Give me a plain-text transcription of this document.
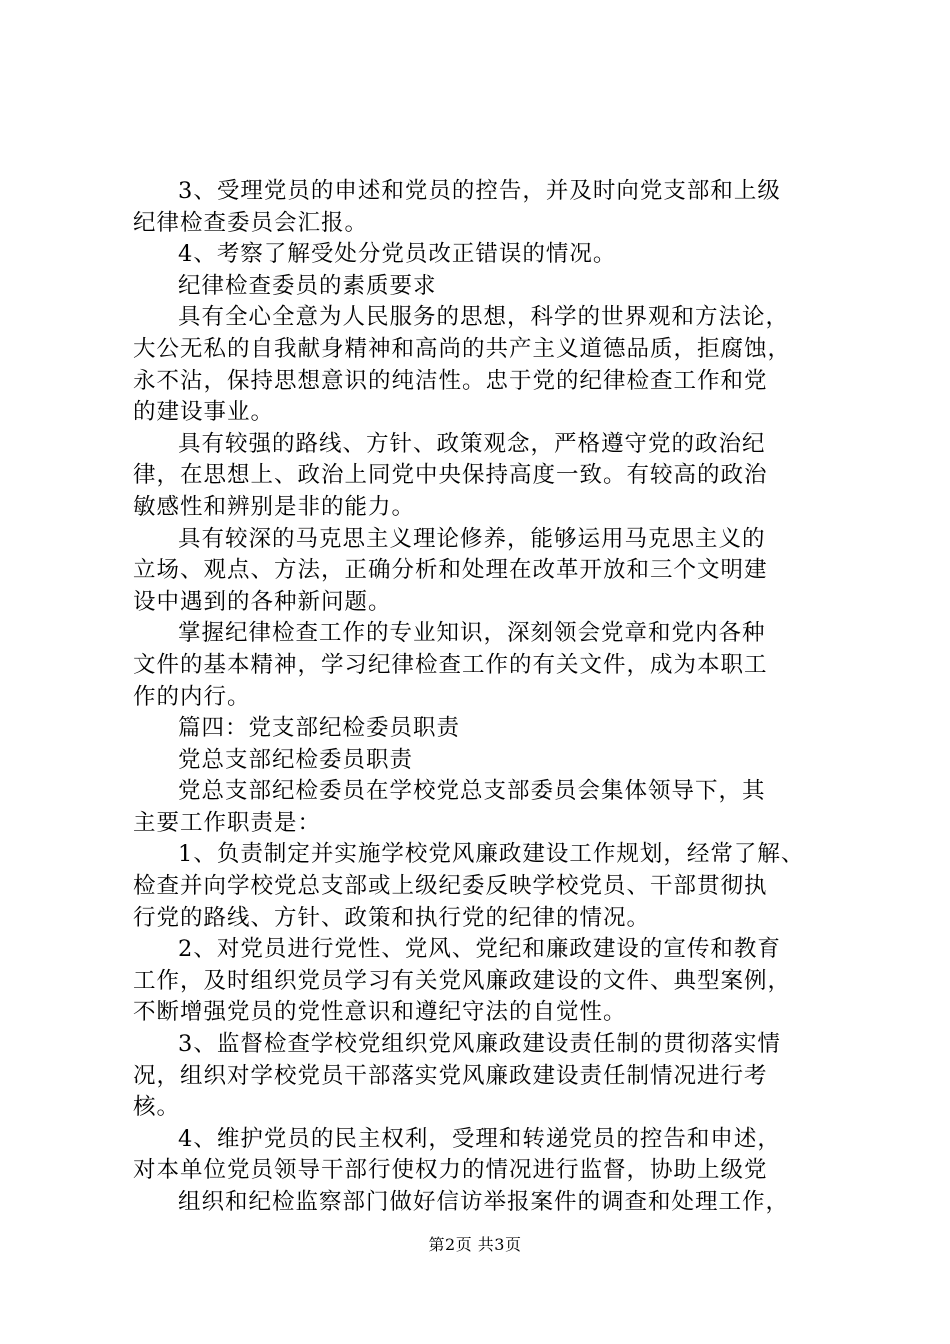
3、受理党员的申述和党员的控告，并及时向党支部和上级
纪律检查委员会汇报。
4、考察了解受处分党员改正错误的情况。
纪律检查委员的素质要求
具有全心全意为人民服务的思想，科学的世界观和方法论，
大公无私的自我献身精神和高尚的共产主义道德品质，拒腐蚀，
永不沾，保持思想意识的纯洁性。忠于党的纪律检查工作和党
的建设事业。
具有较强的路线、方针、政策观念，严格遵守党的政治纪
律，在思想上、政治上同党中央保持高度一致。有较高的政治
敏感性和辨别是非的能力。
具有较深的马克思主义理论修养，能够运用马克思主义的
立场、观点、方法，正确分析和处理在改革开放和三个文明建
设中遇到的各种新问题。
掌握纪律检查工作的专业知识，深刻领会党章和党内各种
文件的基本精神，学习纪律检查工作的有关文件，成为本职工
作的内行。
篇四：党支部纪检委员职责
党总支部纪检委员职责
党总支部纪检委员在学校党总支部委员会集体领导下，其
主要工作职责是：
1、负责制定并实施学校党风廉政建设工作规划，经常了解、
检查并向学校党总支部或上级纪委反映学校党员、干部贯彻执
行党的路线、方针、政策和执行党的纪律的情况。
2、对党员进行党性、党风、党纪和廉政建设的宣传和教育
工作，及时组织党员学习有关党风廉政建设的文件、典型案例，
不断增强党员的党性意识和遵纪守法的自觉性。
3、监督检查学校党组织党风廉政建设责任制的贯彻落实情
况，组织对学校党员干部落实党风廉政建设责任制情况进行考
核。
4、维护党员的民主权利，受理和转递党员的控告和申述，
对本单位党员领导干部行使权力的情况进行监督，协助上级党
组织和纪检监察部门做好信访举报案件的调查和处理工作，
第2页 共3页
